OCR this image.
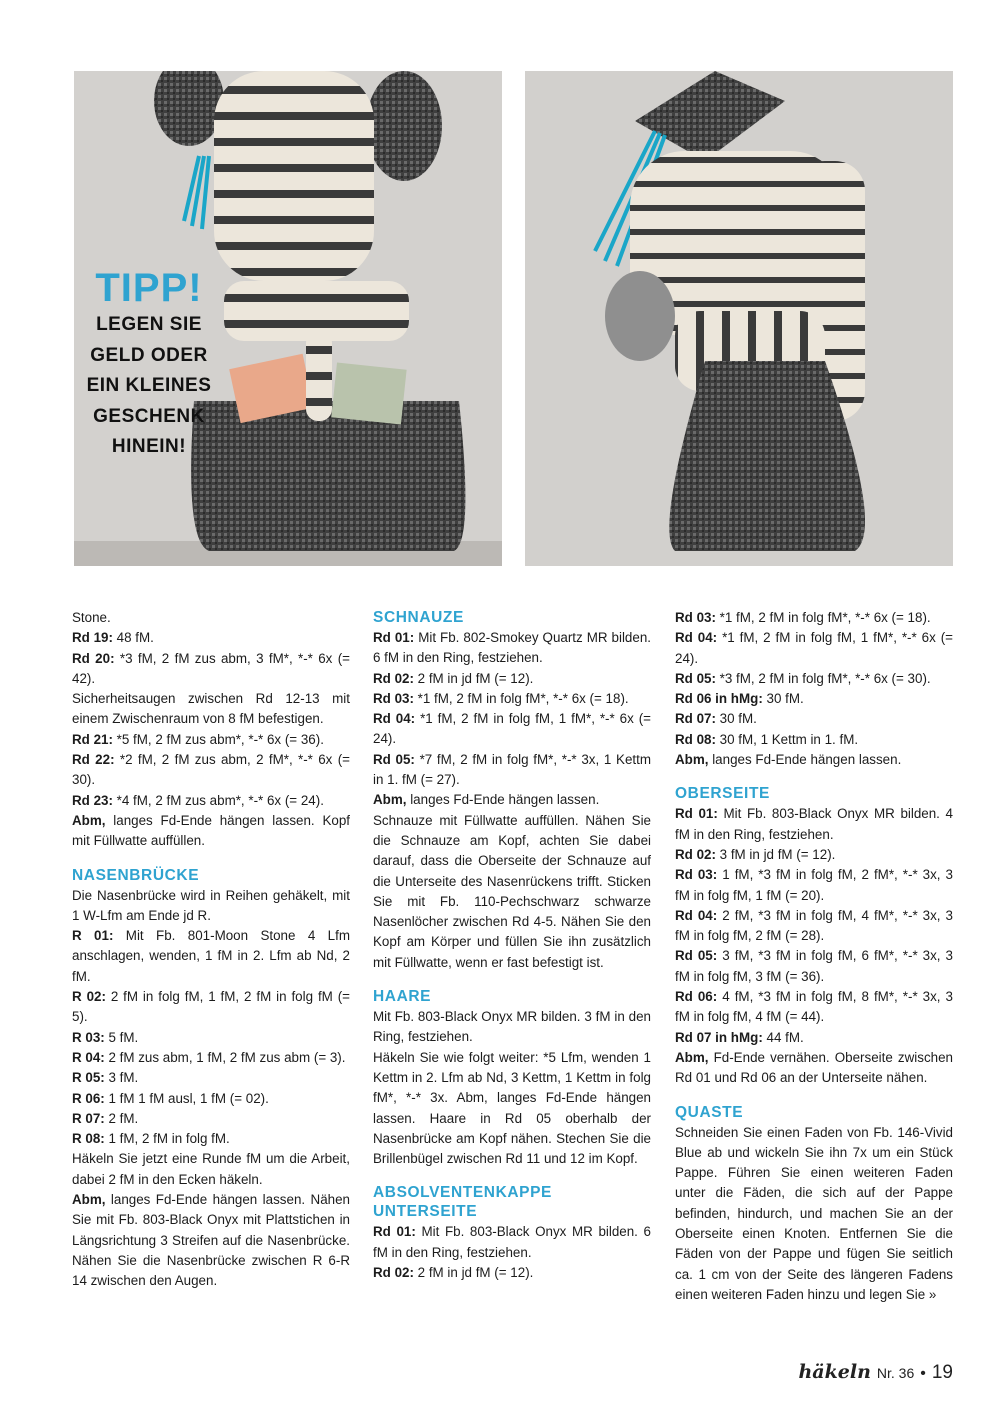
TIPP!
LEGEN SIE
GELD ODER
EIN KLEINES
GESCHENK
HINEIN!

Stone.

Rd 19: 48 fM.

Rd 20: *3 fM, 2 fM zus abm, 3 fM*, *-* 6x (= 42).

Sicherheitsaugen zwischen Rd 12-13 mit einem Zwischenraum von 8 fM befestigen.

Rd 21: *5 fM, 2 fM zus abm*, *-* 6x (= 36).

Rd 22: *2 fM, 2 fM zus abm, 2 fM*, *-* 6x (= 30).

Rd 23: *4 fM, 2 fM zus abm*, *-* 6x (= 24).

Abm, langes Fd-Ende hängen lassen. Kopf mit Füllwatte auffüllen.

NASENBRÜCKE

Die Nasenbrücke wird in Reihen gehäkelt, mit 1 W-Lfm am Ende jd R.

R 01: Mit Fb. 801-Moon Stone 4 Lfm anschlagen, wenden, 1 fM in 2. Lfm ab Nd, 2 fM.

R 02: 2 fM in folg fM, 1 fM, 2 fM in folg fM (= 5).

R 03: 5 fM.

R 04: 2 fM zus abm, 1 fM, 2 fM zus abm (= 3).

R 05: 3 fM.

R 06: 1 fM 1 fM ausl, 1 fM (= 02).

R 07: 2 fM.

R 08: 1 fM, 2 fM in folg fM.

Häkeln Sie jetzt eine Runde fM um die Arbeit, dabei 2 fM in den Ecken häkeln.

Abm, langes Fd-Ende hängen lassen. Nähen Sie mit Fb. 803-Black Onyx mit Plattstichen in Längsrichtung 3 Streifen auf die Nasenbrücke. Nähen Sie die Nasenbrücke zwischen R 6-R 14 zwischen den Augen.

SCHNAUZE

Rd 01: Mit Fb. 802-Smokey Quartz MR bilden. 6 fM in den Ring, festziehen.

Rd 02: 2 fM in jd fM (= 12).

Rd 03: *1 fM, 2 fM in folg fM*, *-* 6x (= 18).

Rd 04: *1 fM, 2 fM in folg fM, 1 fM*, *-* 6x (= 24).

Rd 05: *7 fM, 2 fM in folg fM*, *-* 3x, 1 Kettm in 1. fM (= 27).

Abm, langes Fd-Ende hängen lassen.

Schnauze mit Füllwatte auffüllen. Nähen Sie die Schnauze am Kopf, achten Sie dabei darauf, dass die Oberseite der Schnauze auf die Unterseite des Nasenrückens trifft. Sticken Sie mit Fb. 110-Pechschwarz schwarze Nasenlöcher zwischen Rd 4-5. Nähen Sie den Kopf am Körper und füllen Sie ihn zusätzlich mit Füllwatte, wenn er fast befestigt ist.

HAARE

Mit Fb. 803-Black Onyx MR bilden. 3 fM in den Ring, festziehen.

Häkeln Sie wie folgt weiter: *5 Lfm, wenden 1 Kettm in 2. Lfm ab Nd, 3 Kettm, 1 Kettm in folg fM*, *-* 3x. Abm, langes Fd-Ende hängen lassen. Haare in Rd 05 oberhalb der Nasenbrücke am Kopf nähen. Stechen Sie die Brillenbügel zwischen Rd 11 und 12 im Kopf.

ABSOLVENTENKAPPE
UNTERSEITE

Rd 01: Mit Fb. 803-Black Onyx MR bilden. 6 fM in den Ring, festziehen.

Rd 02: 2 fM in jd fM (= 12).

Rd 03: *1 fM, 2 fM in folg fM*, *-* 6x (= 18).

Rd 04: *1 fM, 2 fM in folg fM, 1 fM*, *-* 6x (= 24).

Rd 05: *3 fM, 2 fM in folg fM*, *-* 6x (= 30).

Rd 06 in hMg: 30 fM.

Rd 07: 30 fM.

Rd 08: 30 fM, 1 Kettm in 1. fM.

Abm, langes Fd-Ende hängen lassen.

OBERSEITE

Rd 01: Mit Fb. 803-Black Onyx MR bilden. 4 fM in den Ring, festziehen.

Rd 02: 3 fM in jd fM (= 12).

Rd 03: 1 fM, *3 fM in folg fM, 2 fM*, *-* 3x, 3 fM in folg fM, 1 fM (= 20).

Rd 04: 2 fM, *3 fM in folg fM, 4 fM*, *-* 3x, 3 fM in folg fM, 2 fM (= 28).

Rd 05: 3 fM, *3 fM in folg fM, 6 fM*, *-* 3x, 3 fM in folg fM, 3 fM (= 36).

Rd 06: 4 fM, *3 fM in folg fM, 8 fM*, *-* 3x, 3 fM in folg fM, 4 fM (= 44).

Rd 07 in hMg: 44 fM.

Abm, Fd-Ende vernähen. Oberseite zwischen Rd 01 und Rd 06 an der Unterseite nähen.

QUASTE

Schneiden Sie einen Faden von Fb. 146-Vivid Blue ab und wickeln Sie ihn 7x um ein Stück Pappe. Führen Sie einen weiteren Faden unter die Fäden, die sich auf der Pappe befinden, hindurch, und machen Sie an der Oberseite einen Knoten. Entfernen Sie die Fäden von der Pappe und fügen Sie seitlich ca. 1 cm von der Seite des längeren Fadens einen weiteren Faden hinzu und legen Sie »

häkeln Nr. 36 • 19
